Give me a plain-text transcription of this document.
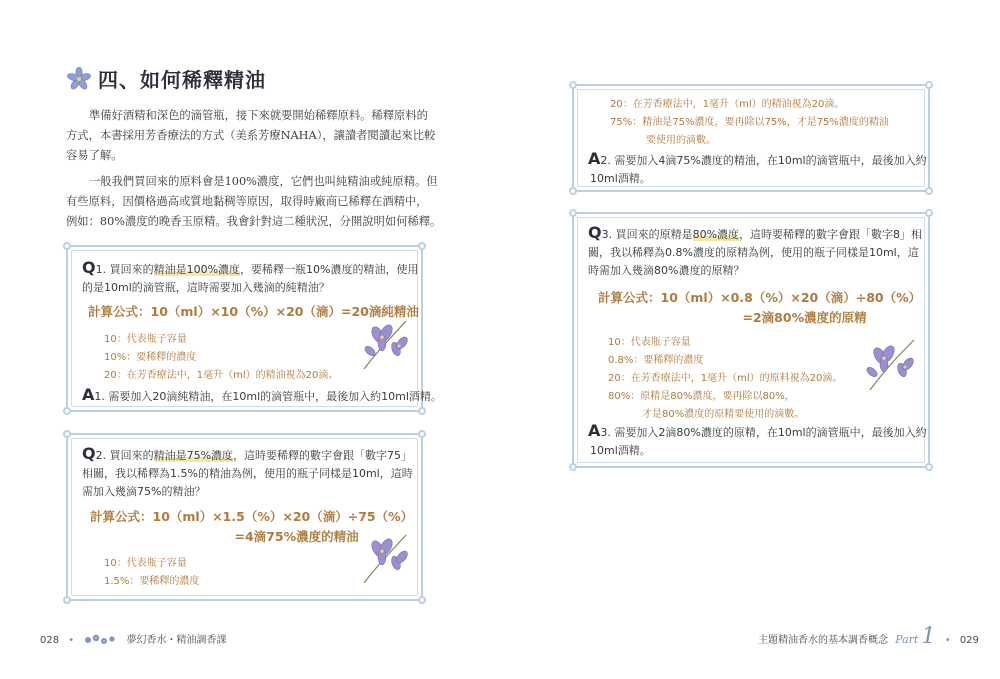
四、如何稀釋精油
準備好酒精和深色的滴管瓶，接下來就要開始稀釋原料。稀釋原料的
方式，本書採用芳香療法的方式（美系芳療NAHA），讓讀者閱讀起來比較
容易了解。
一般我們買回來的原料會是100%濃度，它們也叫純精油或純原精。但
有些原料，因價格過高或質地黏稠等原因，取得時廠商已稀釋在酒精中，
例如：80%濃度的晚香玉原精。我會針對這二種狀況，分開說明如何稀釋。
Q1. 買回來的精油是100%濃度，要稀釋一瓶10%濃度的精油，使用
的是10ml的滴管瓶，這時需要加入幾滴的純精油？
計算公式：10（ml）×10（%）×20（滴）=20滴純精油
10：代表瓶子容量
10%：要稀釋的濃度
20：在芳香療法中，1毫升（ml）的精油視為20滴。
A1. 需要加入20滴純精油，在10ml的滴管瓶中，最後加入約10ml酒精。
Q2. 買回來的精油是75%濃度，這時要稀釋的數字會跟「數字75」
相關，我以稀釋為1.5%的精油為例，使用的瓶子同樣是10ml，這時
需加入幾滴75%的精油？
計算公式：10（ml）×1.5（%）×20（滴）÷75（%）
=4滴75%濃度的精油
10：代表瓶子容量
1.5%：要稀釋的濃度
028 •	夢幻香水・精油調香課
20：在芳香療法中，1毫升（ml）的精油視為20滴。
75%：精油是75%濃度，要再除以75%，才是75%濃度的精油
要使用的滴數。
A2. 需要加入4滴75%濃度的精油，在10ml的滴管瓶中，最後加入約
10ml酒精。
Q3. 買回來的原精是80%濃度，這時要稀釋的數字會跟「數字8」相
關，我以稀釋為0.8%濃度的原精為例，使用的瓶子同樣是10ml，這
時需加入幾滴80%濃度的原精？
計算公式：10（ml）×0.8（%）×20（滴）÷80（%）
=2滴80%濃度的原精
10：代表瓶子容量
0.8%：要稀釋的濃度
20：在芳香療法中，1毫升（ml）的原料視為20滴。
80%：原精是80%濃度，要再除以80%，
才是80%濃度的原精要使用的滴數。
A3. 需要加入2滴80%濃度的原精，在10ml的滴管瓶中，最後加入約
10ml酒精。
主題精油香水的基本調香概念 Part 1 • 029
